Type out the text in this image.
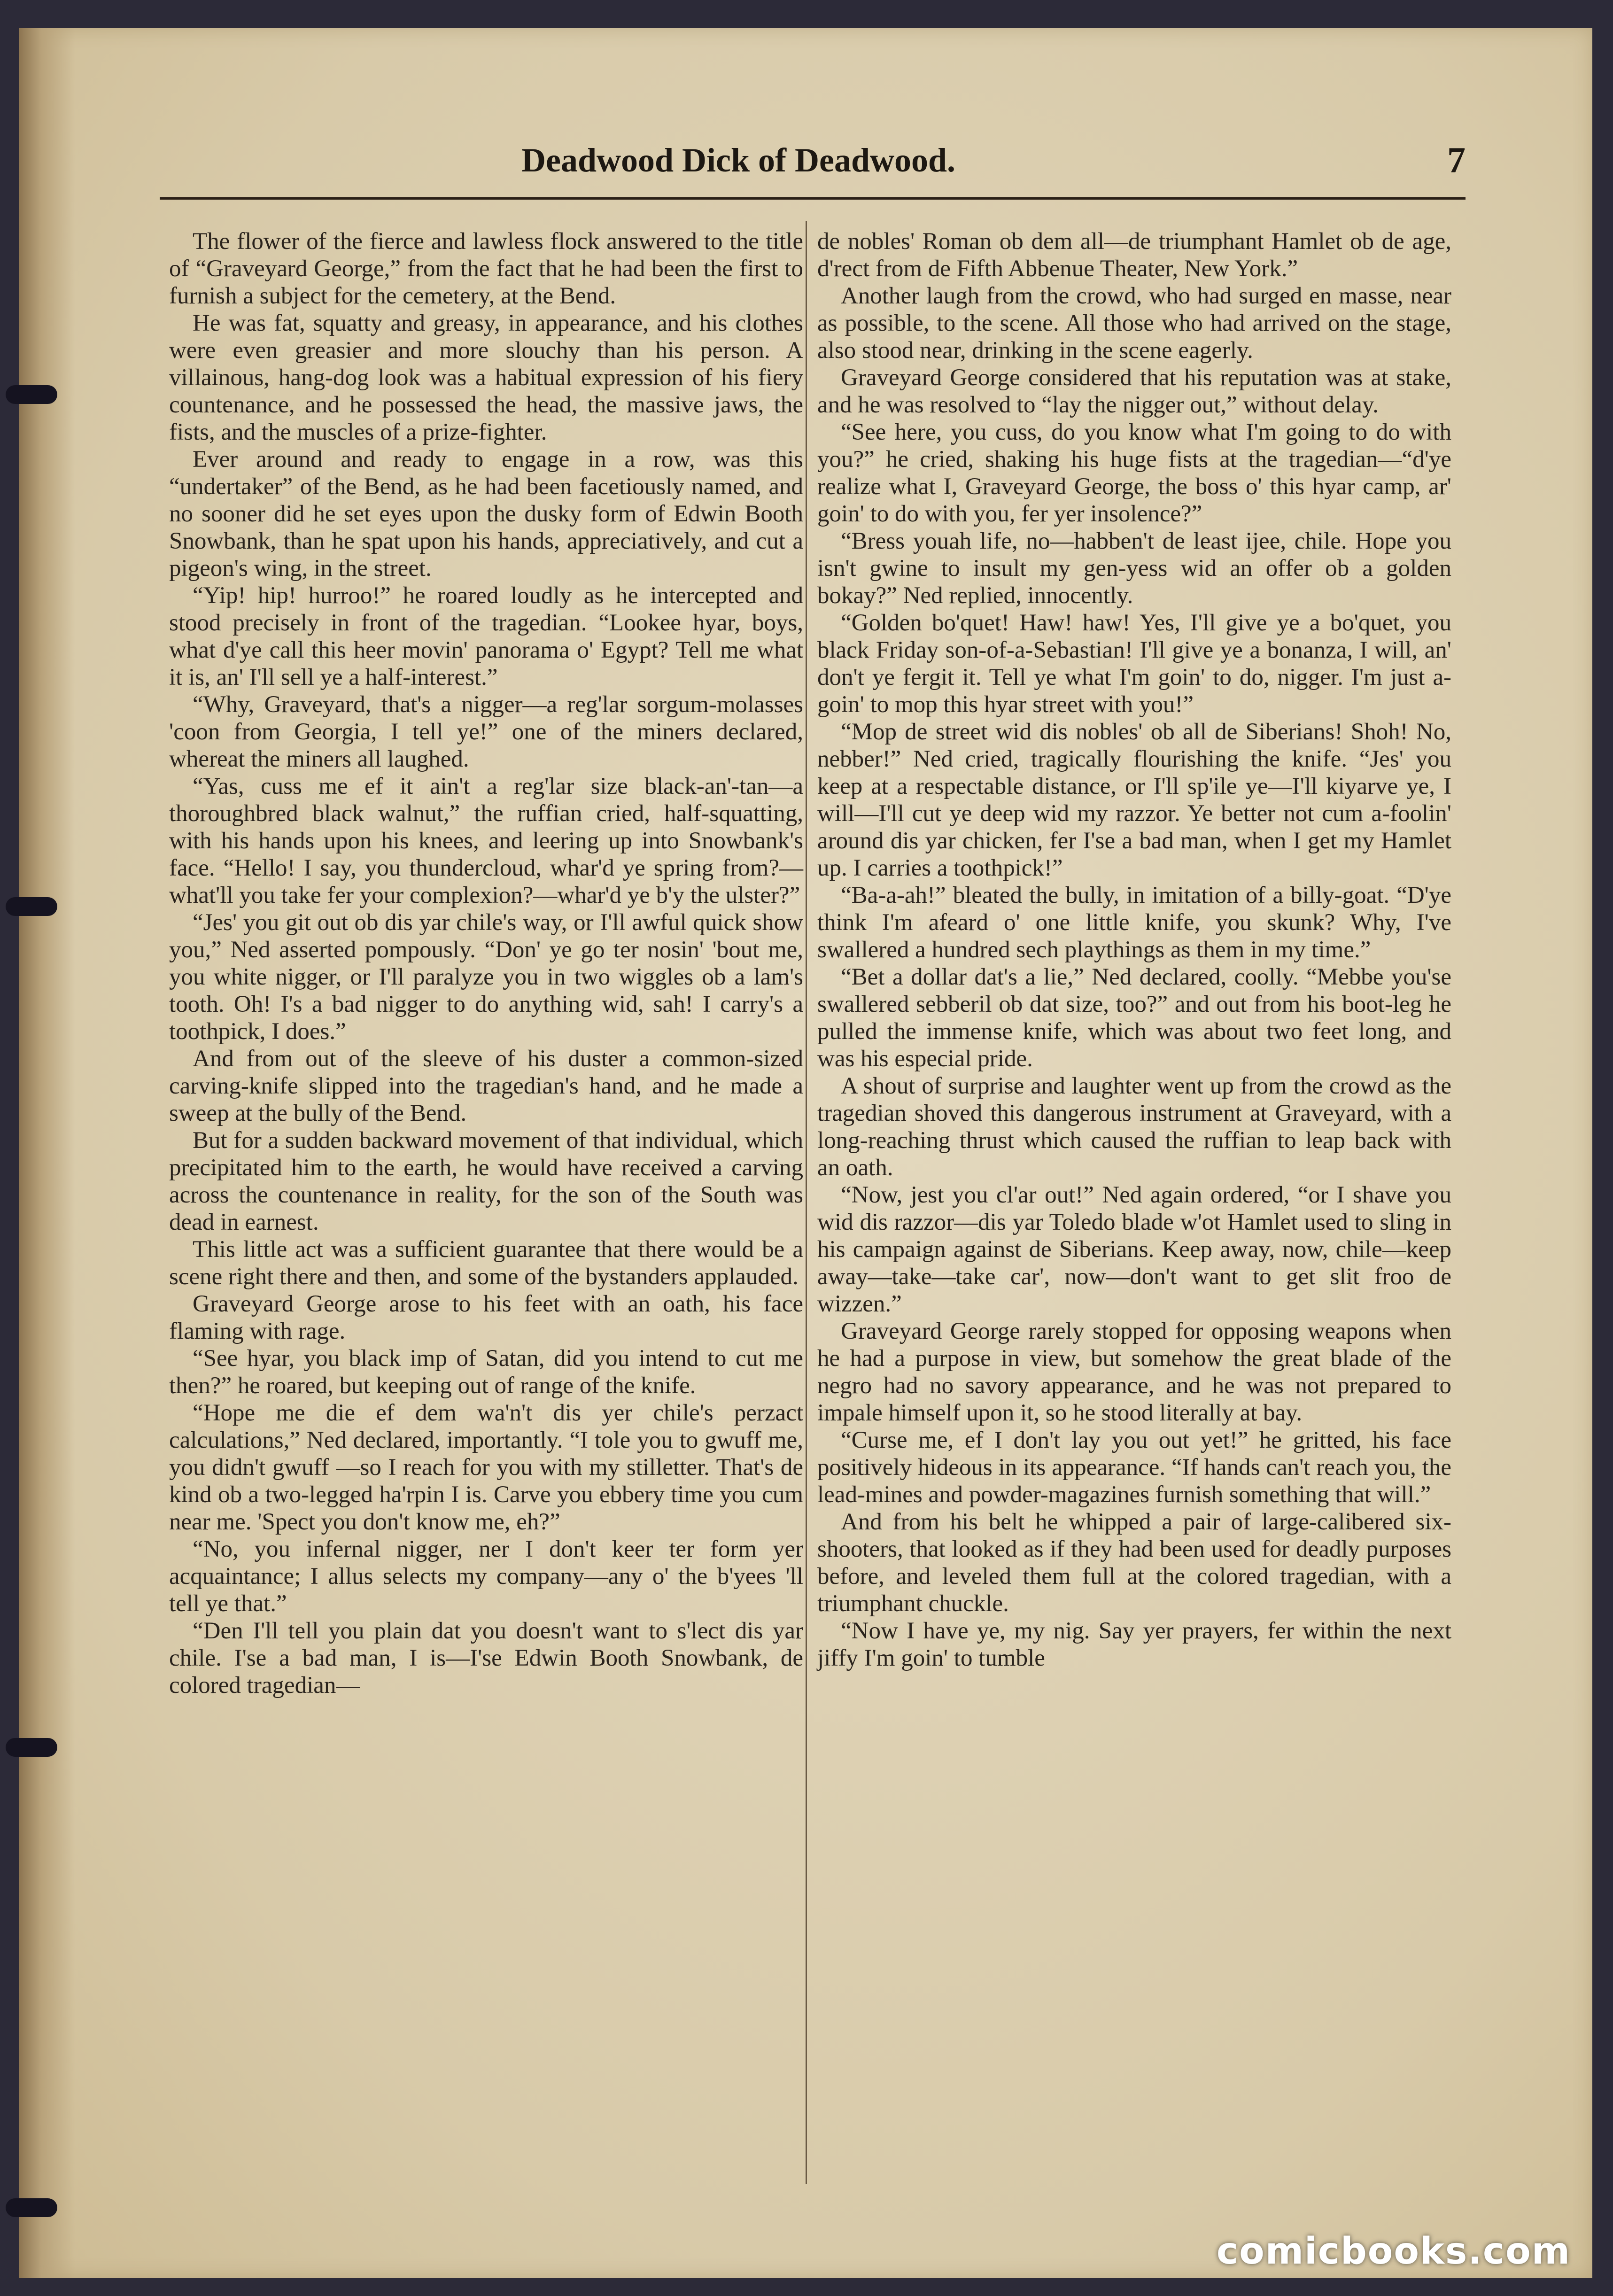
Deadwood Dick of Deadwood.	7

The flower of the fierce and lawless flock answered to the title of “Graveyard George,” from the fact that he had been the first to furnish a subject for the cemetery, at the Bend.

He was fat, squatty and greasy, in appearance, and his clothes were even greasier and more slouchy than his person. A villainous, hang-dog look was a habitual expression of his fiery countenance, and he possessed the head, the massive jaws, the fists, and the muscles of a prize-fighter.

Ever around and ready to engage in a row, was this “undertaker” of the Bend, as he had been facetiously named, and no sooner did he set eyes upon the dusky form of Edwin Booth Snowbank, than he spat upon his hands, appreciatively, and cut a pigeon's wing, in the street.

“Yip! hip! hurroo!” he roared loudly as he intercepted and stood precisely in front of the tragedian. “Lookee hyar, boys, what d'ye call this heer movin' panorama o' Egypt? Tell me what it is, an' I'll sell ye a half-interest.”

“Why, Graveyard, that's a nigger—a reg'lar sorgum-molasses 'coon from Georgia, I tell ye!” one of the miners declared, whereat the miners all laughed.

“Yas, cuss me ef it ain't a reg'lar size black-an'-tan—a thoroughbred black walnut,” the ruffian cried, half-squatting, with his hands upon his knees, and leering up into Snowbank's face. “Hello! I say, you thundercloud, whar'd ye spring from?—what'll you take fer your complexion?—whar'd ye b'y the ulster?”

“Jes' you git out ob dis yar chile's way, or I'll awful quick show you,” Ned asserted pompously. “Don' ye go ter nosin' 'bout me, you white nigger, or I'll paralyze you in two wiggles ob a lam's tooth. Oh! I's a bad nigger to do anything wid, sah! I carry's a toothpick, I does.”

And from out of the sleeve of his duster a common-sized carving-knife slipped into the tragedian's hand, and he made a sweep at the bully of the Bend.

But for a sudden backward movement of that individual, which precipitated him to the earth, he would have received a carving across the countenance in reality, for the son of the South was dead in earnest.

This little act was a sufficient guarantee that there would be a scene right there and then, and some of the bystanders applauded.

Graveyard George arose to his feet with an oath, his face flaming with rage.

“See hyar, you black imp of Satan, did you intend to cut me then?” he roared, but keeping out of range of the knife.

“Hope me die ef dem wa'n't dis yer chile's perzact calculations,” Ned declared, importantly. “I tole you to gwuff me, you didn't gwuff —so I reach for you with my stilletter. That's de kind ob a two-legged ha'rpin I is. Carve you ebbery time you cum near me. 'Spect you don't know me, eh?”

“No, you infernal nigger, ner I don't keer ter form yer acquaintance; I allus selects my company—any o' the b'yees 'll tell ye that.”

“Den I'll tell you plain dat you doesn't want to s'lect dis yar chile. I'se a bad man, I is—I'se Edwin Booth Snowbank, de colored tragedian—

de nobles' Roman ob dem all—de triumphant Hamlet ob de age, d'rect from de Fifth Abbenue Theater, New York.”

Another laugh from the crowd, who had surged en masse, near as possible, to the scene. All those who had arrived on the stage, also stood near, drinking in the scene eagerly.

Graveyard George considered that his reputation was at stake, and he was resolved to “lay the nigger out,” without delay.

“See here, you cuss, do you know what I'm going to do with you?” he cried, shaking his huge fists at the tragedian—“d'ye realize what I, Graveyard George, the boss o' this hyar camp, ar' goin' to do with you, fer yer insolence?”

“Bress youah life, no—habben't de least ijee, chile. Hope you isn't gwine to insult my gen-yess wid an offer ob a golden bokay?” Ned replied, innocently.

“Golden bo'quet! Haw! haw! Yes, I'll give ye a bo'quet, you black Friday son-of-a-Sebastian! I'll give ye a bonanza, I will, an' don't ye fergit it. Tell ye what I'm goin' to do, nigger. I'm just a-goin' to mop this hyar street with you!”

“Mop de street wid dis nobles' ob all de Siberians! Shoh! No, nebber!” Ned cried, tragically flourishing the knife. “Jes' you keep at a respectable distance, or I'll sp'ile ye—I'll kiyarve ye, I will—I'll cut ye deep wid my razzor. Ye better not cum a-foolin' around dis yar chicken, fer I'se a bad man, when I get my Hamlet up. I carries a toothpick!”

“Ba-a-ah!” bleated the bully, in imitation of a billy-goat. “D'ye think I'm afeard o' one little knife, you skunk? Why, I've swallered a hundred sech playthings as them in my time.”

“Bet a dollar dat's a lie,” Ned declared, coolly. “Mebbe you'se swallered sebberil ob dat size, too?” and out from his boot-leg he pulled the immense knife, which was about two feet long, and was his especial pride.

A shout of surprise and laughter went up from the crowd as the tragedian shoved this dangerous instrument at Graveyard, with a long-reaching thrust which caused the ruffian to leap back with an oath.

“Now, jest you cl'ar out!” Ned again ordered, “or I shave you wid dis razzor—dis yar Toledo blade w'ot Hamlet used to sling in his campaign against de Siberians. Keep away, now, chile—keep away—take—take car', now—don't want to get slit froo de wizzen.”

Graveyard George rarely stopped for opposing weapons when he had a purpose in view, but somehow the great blade of the negro had no savory appearance, and he was not prepared to impale himself upon it, so he stood literally at bay.

“Curse me, ef I don't lay you out yet!” he gritted, his face positively hideous in its appearance. “If hands can't reach you, the lead-mines and powder-magazines furnish something that will.”

And from his belt he whipped a pair of large-calibered six-shooters, that looked as if they had been used for deadly purposes before, and leveled them full at the colored tragedian, with a triumphant chuckle.

“Now I have ye, my nig. Say yer prayers, fer within the next jiffy I'm goin' to tumble

comicbooks.com
